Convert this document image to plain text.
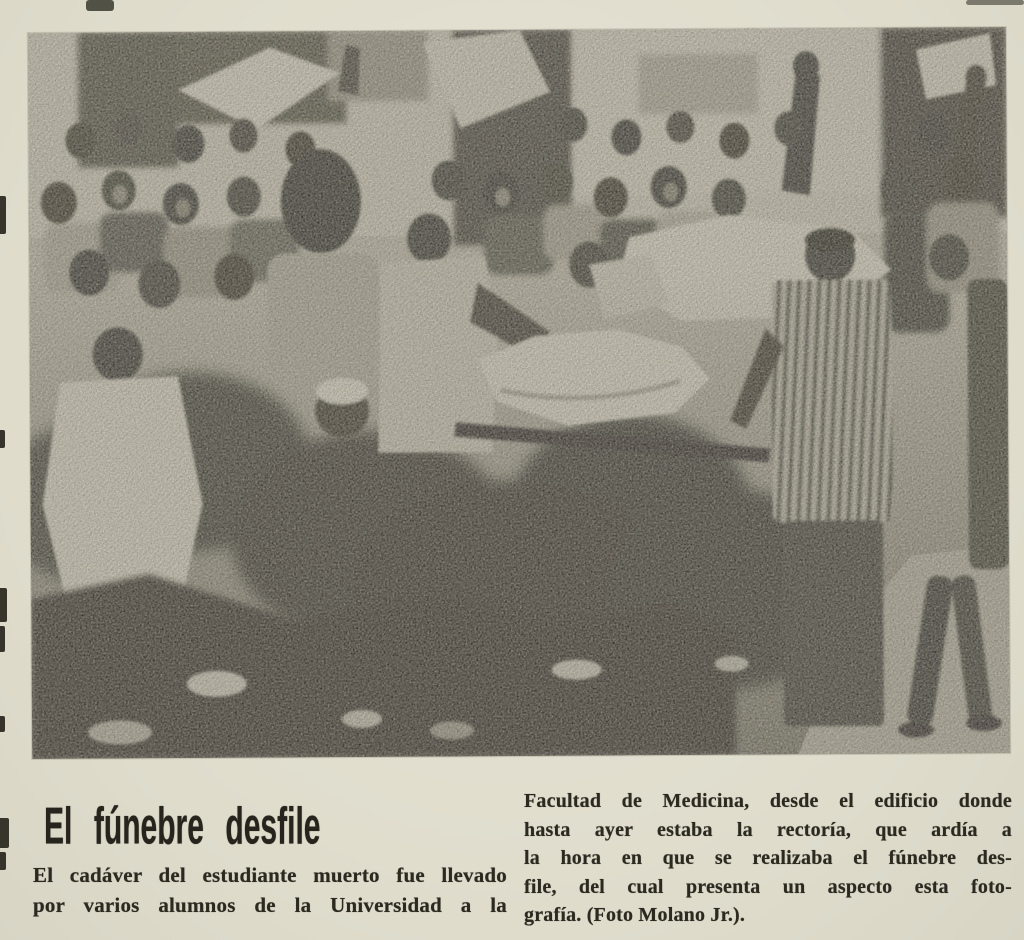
El fúnebre desfile

El cadáver del estudiante muerto fue llevado

por varios alumnos de la Universidad a la

Facultad de Medicina, desde el edificio donde

hasta ayer estaba la rectoría, que ardía a

la hora en que se realizaba el fúnebre des-

file, del cual presenta un aspecto esta foto-

grafía. (Foto Molano Jr.).
